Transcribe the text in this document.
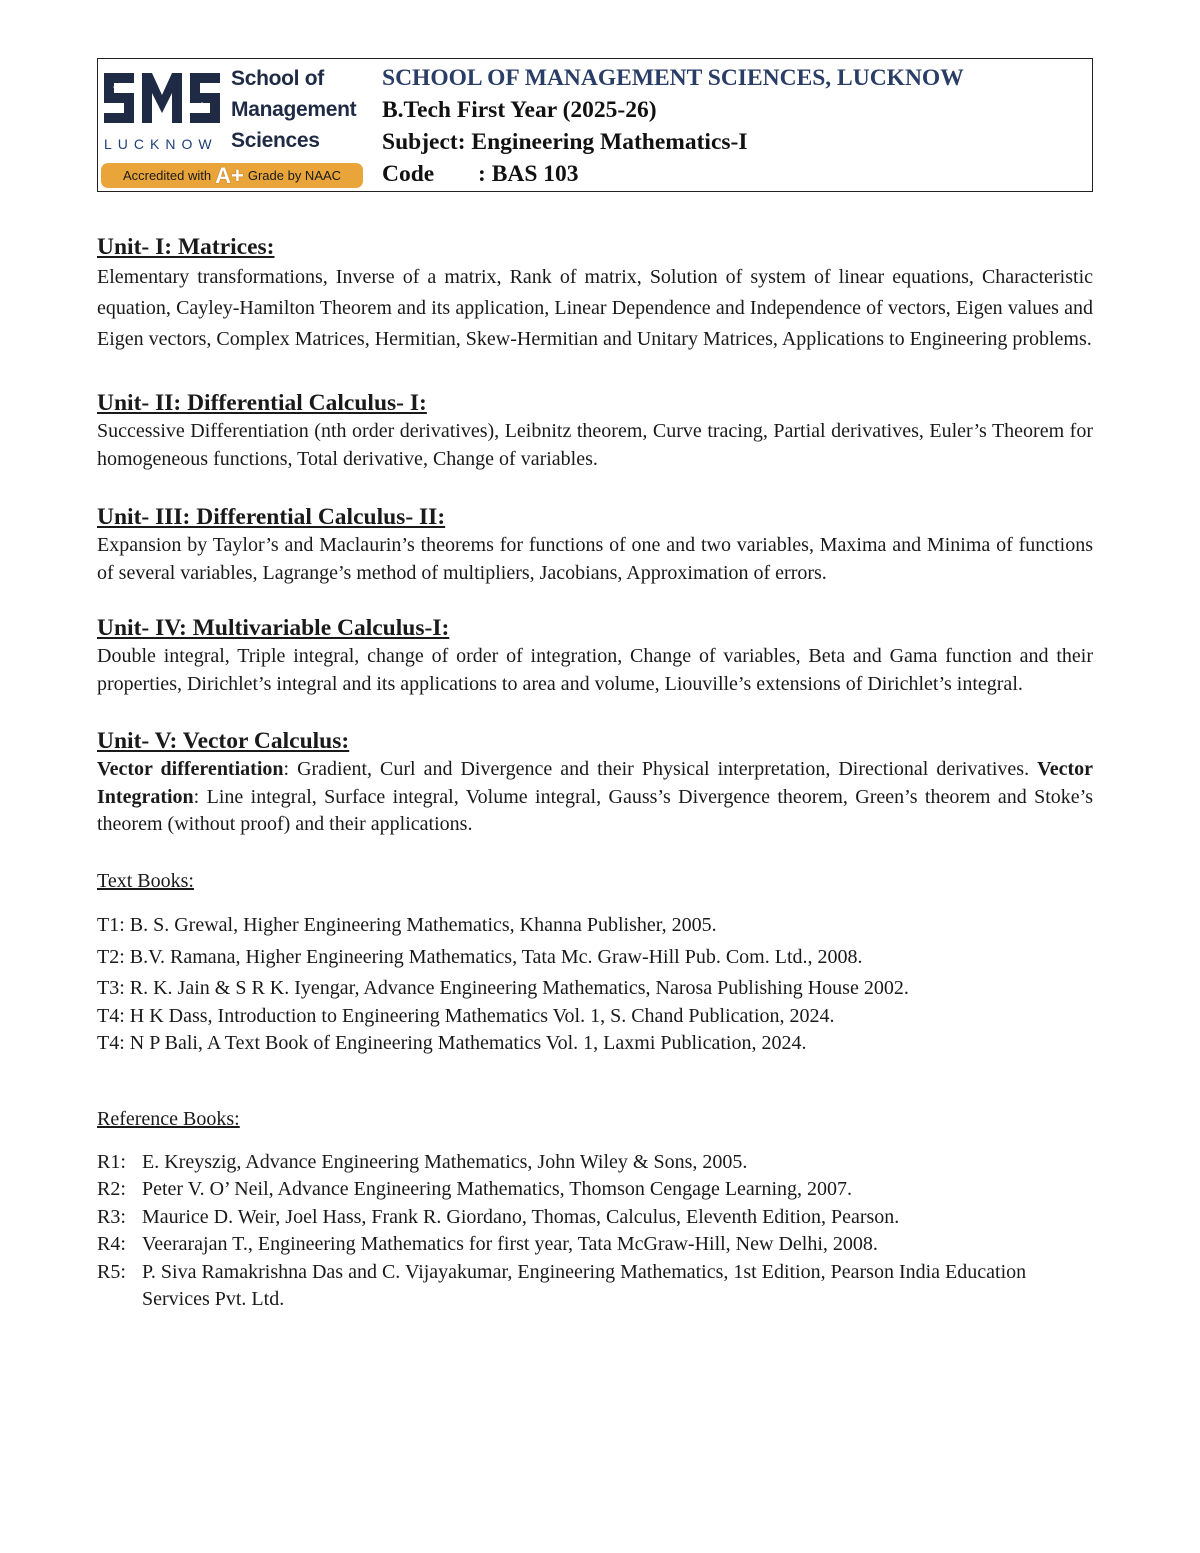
School of
Management
Sciences
LUCKNOW
Accredited with A+ Grade by NAAC
SCHOOL OF MANAGEMENT SCIENCES, LUCKNOW
B.Tech First Year (2025-26)
Subject: Engineering Mathematics-I
Code : BAS 103
Unit- I: Matrices:
Elementary transformations, Inverse of a matrix, Rank of matrix, Solution of system of linear equations, Characteristic equation, Cayley-Hamilton Theorem and its application, Linear Dependence and Independence of vectors, Eigen values and Eigen vectors, Complex Matrices, Hermitian, Skew-Hermitian and Unitary Matrices, Applications to Engineering problems.
Unit- II: Differential Calculus- I:
Successive Differentiation (nth order derivatives), Leibnitz theorem, Curve tracing, Partial derivatives, Euler’s Theorem for homogeneous functions, Total derivative, Change of variables.
Unit- III: Differential Calculus- II:
Expansion by Taylor’s and Maclaurin’s theorems for functions of one and two variables, Maxima and Minima of functions of several variables, Lagrange’s method of multipliers, Jacobians, Approximation of errors.
Unit- IV: Multivariable Calculus-I:
Double integral, Triple integral, change of order of integration, Change of variables, Beta and Gama function and their properties, Dirichlet’s integral and its applications to area and volume, Liouville’s extensions of Dirichlet’s integral.
Unit- V: Vector Calculus:
Vector differentiation: Gradient, Curl and Divergence and their Physical interpretation, Directional derivatives. Vector Integration: Line integral, Surface integral, Volume integral, Gauss’s Divergence theorem, Green’s theorem and Stoke’s theorem (without proof) and their applications.
Text Books:
T1: B. S. Grewal, Higher Engineering Mathematics, Khanna Publisher, 2005.
T2: B.V. Ramana, Higher Engineering Mathematics, Tata Mc. Graw-Hill Pub. Com. Ltd., 2008.
T3: R. K. Jain & S R K. Iyengar, Advance Engineering Mathematics, Narosa Publishing House 2002.
T4: H K Dass, Introduction to Engineering Mathematics Vol. 1, S. Chand Publication, 2024.
T4: N P Bali, A Text Book of Engineering Mathematics Vol. 1, Laxmi Publication, 2024.
Reference Books:
R1: E. Kreyszig, Advance Engineering Mathematics, John Wiley & Sons, 2005.
R2: Peter V. O’ Neil, Advance Engineering Mathematics, Thomson Cengage Learning, 2007.
R3: Maurice D. Weir, Joel Hass, Frank R. Giordano, Thomas, Calculus, Eleventh Edition, Pearson.
R4: Veerarajan T., Engineering Mathematics for first year, Tata McGraw-Hill, New Delhi, 2008.
R5: P. Siva Ramakrishna Das and C. Vijayakumar, Engineering Mathematics, 1st Edition, Pearson India Education Services Pvt. Ltd.
